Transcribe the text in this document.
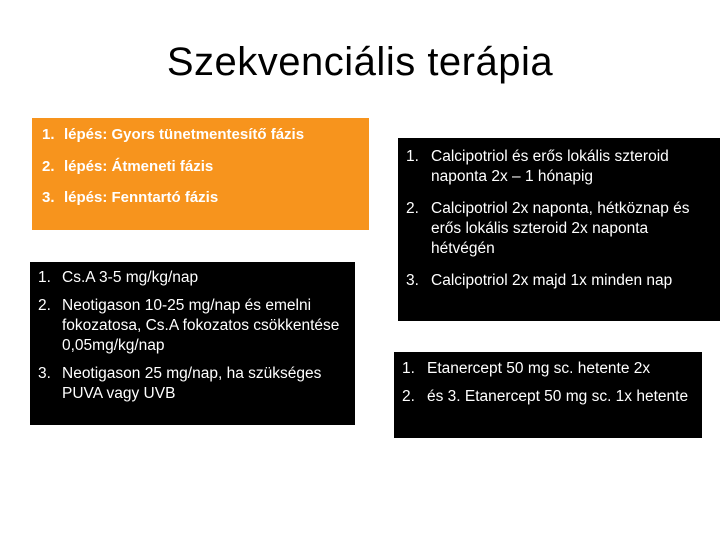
Szekvenciális terápia
1. lépés: Gyors tünetmentesítő fázis
2. lépés: Átmeneti fázis
3. lépés: Fenntartó fázis
1. Cs.A 3-5 mg/kg/nap
2. Neotigason 10-25 mg/nap és emelni fokozatosa, Cs.A fokozatos csökkentése 0,05mg/kg/nap
3. Neotigason 25 mg/nap, ha szükséges PUVA vagy UVB
1. Calcipotriol és erős lokális szteroid naponta 2x – 1 hónapig
2. Calcipotriol 2x naponta, hétköznap és erős lokális szteroid 2x naponta hétvégén
3. Calcipotriol 2x majd 1x minden nap
1. Etanercept 50 mg sc. hetente 2x
2. és 3. Etanercept 50 mg sc. 1x hetente
